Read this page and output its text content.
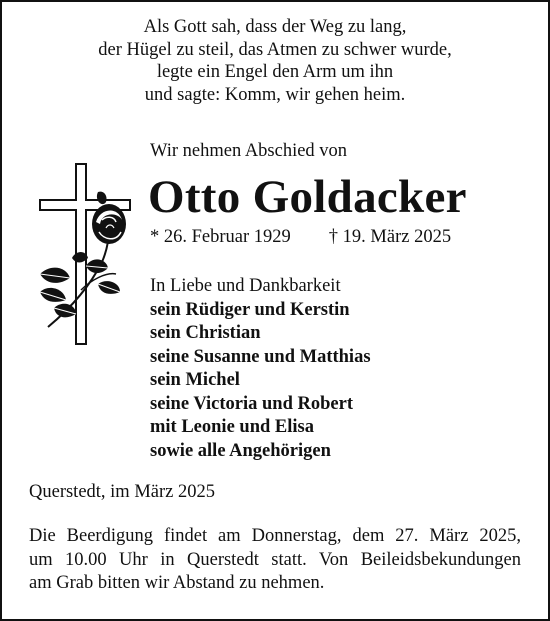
Als Gott sah, dass der Weg zu lang,
der Hügel zu steil, das Atmen zu schwer wurde,
legte ein Engel den Arm um ihn
und sagte: Komm, wir gehen heim.
Wir nehmen Abschied von
Otto Goldacker
* 26. Februar 1929 † 19. März 2025
In Liebe und Dankbarkeit
sein Rüdiger und Kerstin
sein Christian
seine Susanne und Matthias
sein Michel
seine Victoria und Robert
mit Leonie und Elisa
sowie alle Angehörigen
Querstedt, im März 2025
Die Beerdigung findet am Donnerstag, dem 27. März 2025,
um 10.00 Uhr in Querstedt statt. Von Beileidsbekundungen
am Grab bitten wir Abstand zu nehmen.
